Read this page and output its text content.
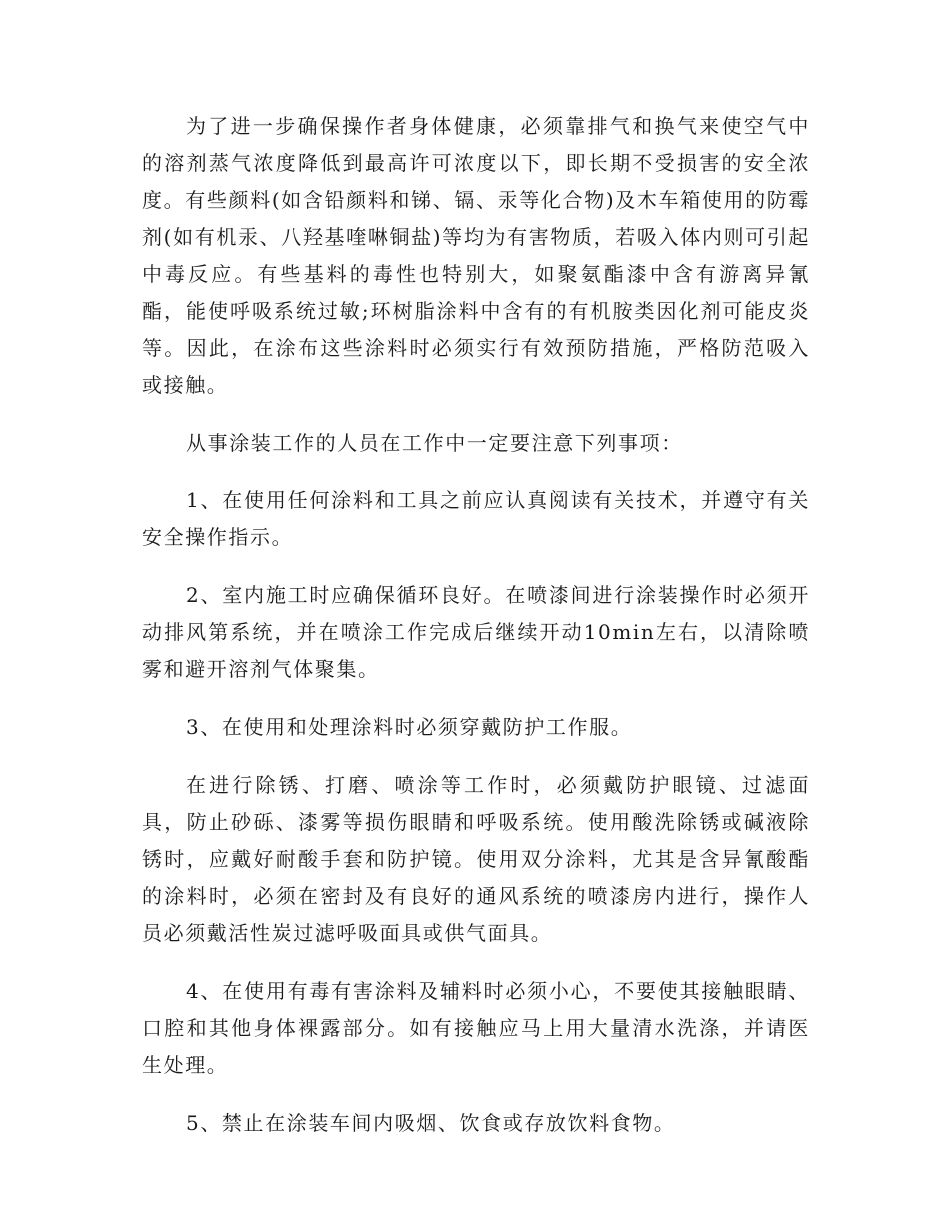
为了进一步确保操作者身体健康，必须靠排气和换气来使空气中的溶剂蒸气浓度降低到最高许可浓度以下，即长期不受损害的安全浓度。有些颜料(如含铅颜料和锑、镉、汞等化合物)及木车箱使用的防霉剂(如有机汞、八羟基喹啉铜盐)等均为有害物质，若吸入体内则可引起中毒反应。有些基料的毒性也特别大，如聚氨酯漆中含有游离异氰酯，能使呼吸系统过敏;环树脂涂料中含有的有机胺类因化剂可能皮炎等。因此，在涂布这些涂料时必须实行有效预防措施，严格防范吸入或接触。

从事涂装工作的人员在工作中一定要注意下列事项：

1、在使用任何涂料和工具之前应认真阅读有关技术，并遵守有关安全操作指示。

2、室内施工时应确保循环良好。在喷漆间进行涂装操作时必须开动排风第系统，并在喷涂工作完成后继续开动10min左右，以清除喷雾和避开溶剂气体聚集。

3、在使用和处理涂料时必须穿戴防护工作服。

在进行除锈、打磨、喷涂等工作时，必须戴防护眼镜、过滤面具，防止砂砾、漆雾等损伤眼睛和呼吸系统。使用酸洗除锈或碱液除锈时，应戴好耐酸手套和防护镜。使用双分涂料，尤其是含异氰酸酯的涂料时，必须在密封及有良好的通风系统的喷漆房内进行，操作人员必须戴活性炭过滤呼吸面具或供气面具。

4、在使用有毒有害涂料及辅料时必须小心，不要使其接触眼睛、口腔和其他身体裸露部分。如有接触应马上用大量清水洗涤，并请医生处理。

5、禁止在涂装车间内吸烟、饮食或存放饮料食物。
